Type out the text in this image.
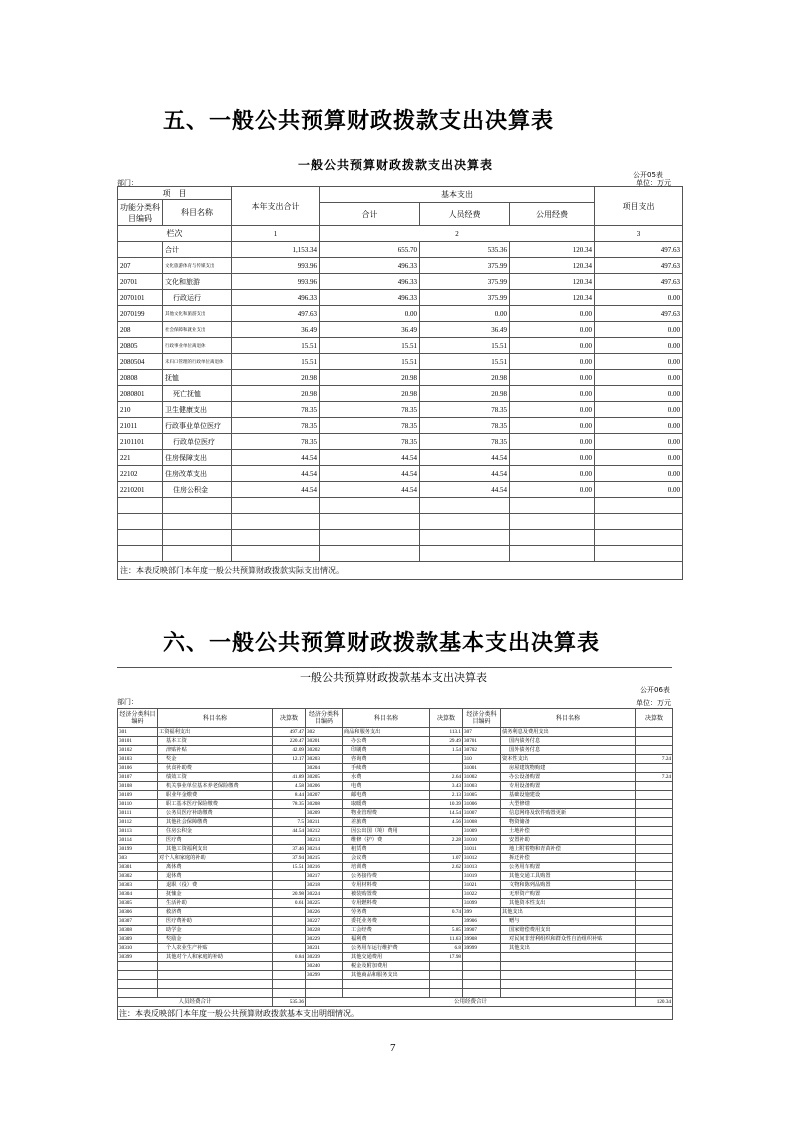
五、一般公共预算财政拨款支出决算表
一般公共预算财政拨款支出决算表
公开05表
部门：	单位：万元
项　目		本年支出合计	基本支出			项目支出
功能分类科目编码	科目名称					
			合计	人员经费	公用经费	
栏次		1	2			3
	合计	1,153.34	655.70	535.36	120.34	497.63
207	文化旅游体育与传媒支出	993.96	496.33	375.99	120.34	497.63
20701	文化和旅游	993.96	496.33	375.99	120.34	497.63
2070101	行政运行	496.33	496.33	375.99	120.34	0.00
2070199	其他文化和旅游支出	497.63	0.00	0.00	0.00	497.63
208	社会保障和就业支出	36.49	36.49	36.49	0.00	0.00
20805	行政事业单位离退休	15.51	15.51	15.51	0.00	0.00
2080504	未归口管理的行政单位离退休	15.51	15.51	15.51	0.00	0.00
20808	抚恤	20.98	20.98	20.98	0.00	0.00
2080801	死亡抚恤	20.98	20.98	20.98	0.00	0.00
210	卫生健康支出	78.35	78.35	78.35	0.00	0.00
21011	行政事业单位医疗	78.35	78.35	78.35	0.00	0.00
2101101	行政单位医疗	78.35	78.35	78.35	0.00	0.00
221	住房保障支出	44.54	44.54	44.54	0.00	0.00
22102	住房改革支出	44.54	44.54	44.54	0.00	0.00
2210201	住房公积金	44.54	44.54	44.54	0.00	0.00

注：本表反映部门本年度一般公共预算财政拨款实际支出情况。						
六、一般公共预算财政拨款基本支出决算表
一般公共预算财政拨款基本支出决算表
公开06表
部门：	单位：万元
经济分类科目编码	科目名称	决算数	经济分类科目编码	科目名称	决算数	经济分类科目编码	科目名称	决算数
301	工资福利支出	497.47	302	商品和服务支出	113.1	307	债务利息及费用支出	
30101	基本工资	220.47	30201	办公费	29.49	30701	国内债务付息	
30102	津贴补贴	42.09	30202	印刷费	1.54	30702	国外债务付息	
30103	奖金	12.17	30203	咨询费		310	资本性支出	7.24
30106	伙食补助费		30204	手续费		31001	房屋建筑物购建	
30107	绩效工资	41.89	30205	水费	2.64	31002	办公设备购置	7.24
30108	机关事业单位基本养老保险缴费	4.58	30206	电费	3.43	31003	专用设备购置	
30109	职业年金缴费	8.44	30207	邮电费	2.13	31005	基础设施建设	
30110	职工基本医疗保险缴费	78.35	30208	取暖费	10.39	31006	大型修缮	
30111	公务员医疗补助缴费		30209	物业管理费	14.54	31007	信息网络及软件购置更新	
30112	其他社会保障缴费	7.5	30211	差旅费	4.56	31008	物资储备	
30113	住房公积金	44.54	30212	因公出国（境）费用		31009	土地补偿	
30114	医疗费		30213	维修（护）费	2.28	31010	安置补助	
30199	其他工资福利支出	37.46	30214	租赁费		31011	地上附着物和青苗补偿	
303	对个人和家庭的补助	37.94	30215	会议费	1.07	31012	拆迁补偿	
30301	离休费	15.51	30216	培训费	2.62	31013	公务用车购置	
30302	退休费		30217	公务接待费		31019	其他交通工具购置	
30303	退职（役）费		30218	专用材料费		31021	文物和陈列品购置	
30304	抚恤金	20.98	30224	被装购置费		31022	无形资产购置	
30305	生活补助	0.61	30225	专用燃料费		31099	其他资本性支出	
30306	救济费		30226	劳务费	0.74	399	其他支出	
30307	医疗费补助		30227	委托业务费		39906	赠与	
30308	助学金		30228	工会经费	5.85	39907	国家赔偿费用支出	
30309	奖励金		30229	福利费	11.63	39908	对民间非营利组织和群众性自治组织补贴	
30310	个人农业生产补贴		30231	公务用车运行维护费	6.8	39999	其他支出	
30399	其他对个人和家庭的补助	0.84	30239	其他交通费用	17.98			
			30240	税金及附加费用				
			30299	其他商品和服务支出				

人员经费合计		535.36	公用经费合计					120.34
注：本表反映部门本年度一般公共预算财政拨款基本支出明细情况。								
7
